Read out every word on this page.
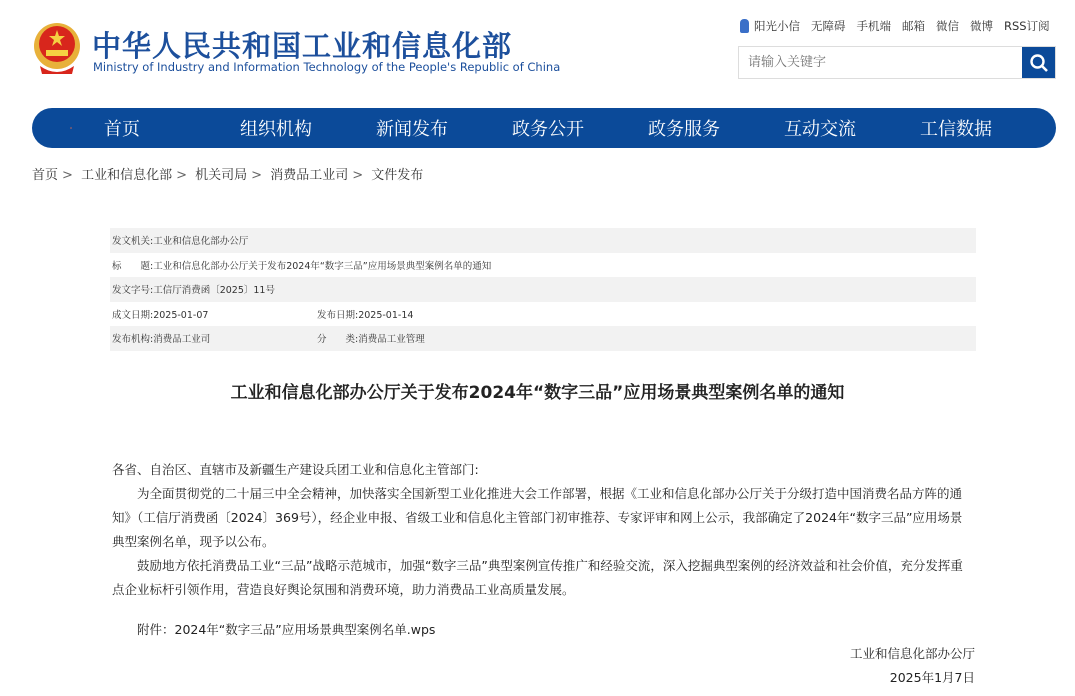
中华人民共和国工业和信息化部
Ministry of Industry and Information Technology of the People's Republic of China
阳光小信 无障碍 手机端 邮箱 微信 微博 RSS订阅
请输入关键字
首页	组织机构	新闻发布	政务公开	政务服务	互动交流	工信数据
首页 > 工业和信息化部 > 机关司局 > 消费品工业司 > 文件发布
发文机关: 工业和信息化部办公厅
标　　题: 工业和信息化部办公厅关于发布2024年“数字三品”应用场景典型案例名单的通知
发文字号: 工信厅消费函〔2025〕11号
成文日期:2025-01-07	发布日期:2025-01-14
发布机构:消费品工业司	分　　类:消费品工业管理
工业和信息化部办公厅关于发布2024年“数字三品”应用场景典型案例名单的通知

各省、自治区、直辖市及新疆生产建设兵团工业和信息化主管部门:

为全面贯彻党的二十届三中全会精神，加快落实全国新型工业化推进大会工作部署，根据《工业和信息化部办公厅关于分级打造中国消费名品方阵的通知》（工信厅消费函〔2024〕369号），经企业申报、省级工业和信息化主管部门初审推荐、专家评审和网上公示，我部确定了2024年“数字三品”应用场景典型案例名单，现予以公布。

鼓励地方依托消费品工业“三品”战略示范城市，加强“数字三品”典型案例宣传推广和经验交流，深入挖掘典型案例的经济效益和社会价值，充分发挥重点企业标杆引领作用，营造良好舆论氛围和消费环境，助力消费品工业高质量发展。

附件：2024年“数字三品”应用场景典型案例名单.wps
工业和信息化部办公厅
2025年1月7日
